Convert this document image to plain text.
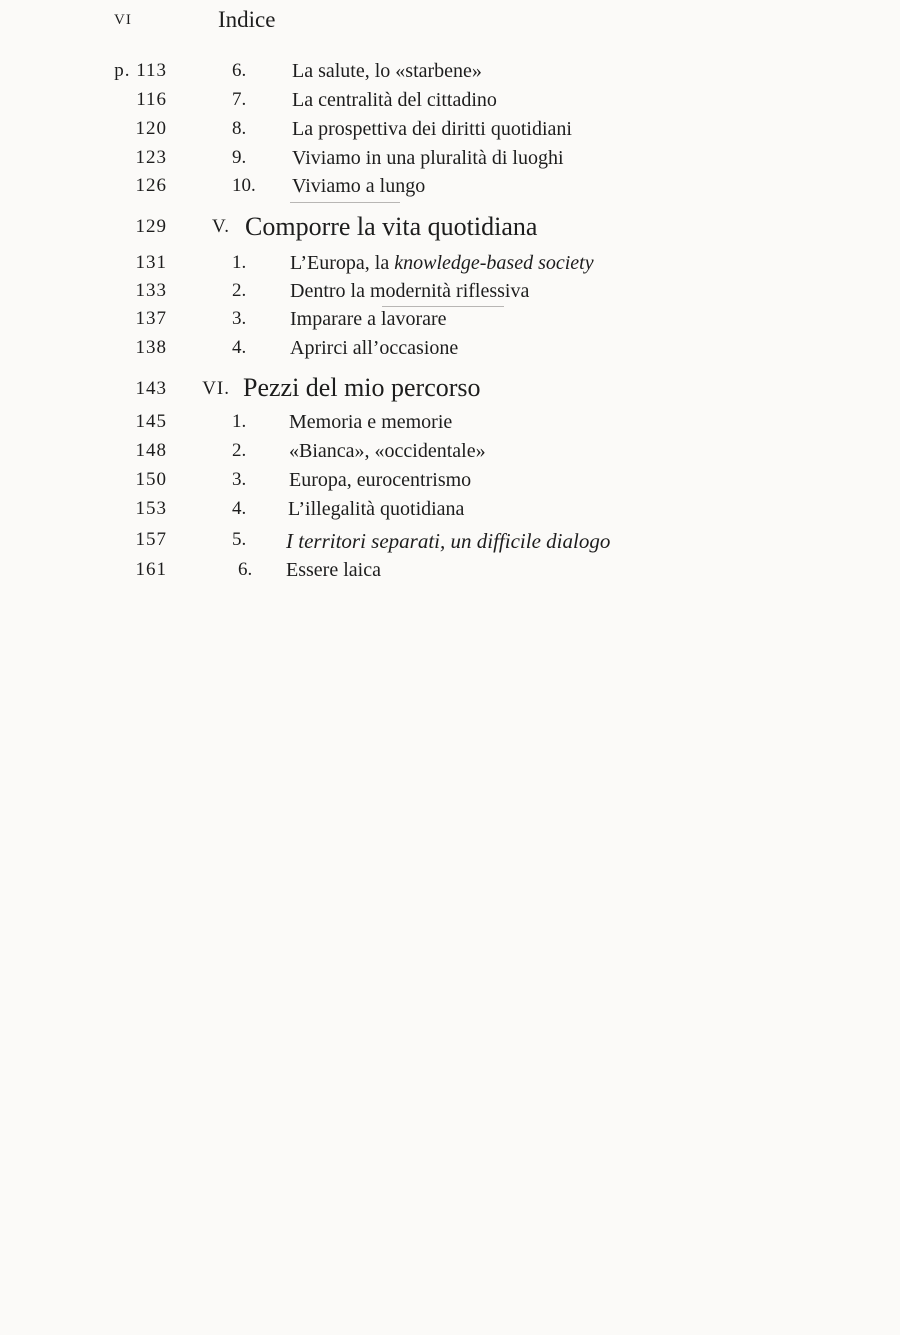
VI	Indice
p. 113	6.	La salute, lo «starbene»
116	7.	La centralità del cittadino
120	8.	La prospettiva dei diritti quotidiani
123	9.	Viviamo in una pluralità di luoghi
126	10.	Viviamo a lungo
129	V. Comporre la vita quotidiana
131	1.	L’Europa, la knowledge-based society
133	2.	Dentro la modernità riflessiva
137	3.	Imparare a lavorare
138	4.	Aprirci all’occasione
143	VI. Pezzi del mio percorso
145	1.	Memoria e memorie
148	2.	«Bianca», «occidentale»
150	3.	Europa, eurocentrismo
153	4.	L’illegalità quotidiana
157	5.	I territori separati, un difficile dialogo
161	6.	Essere laica
